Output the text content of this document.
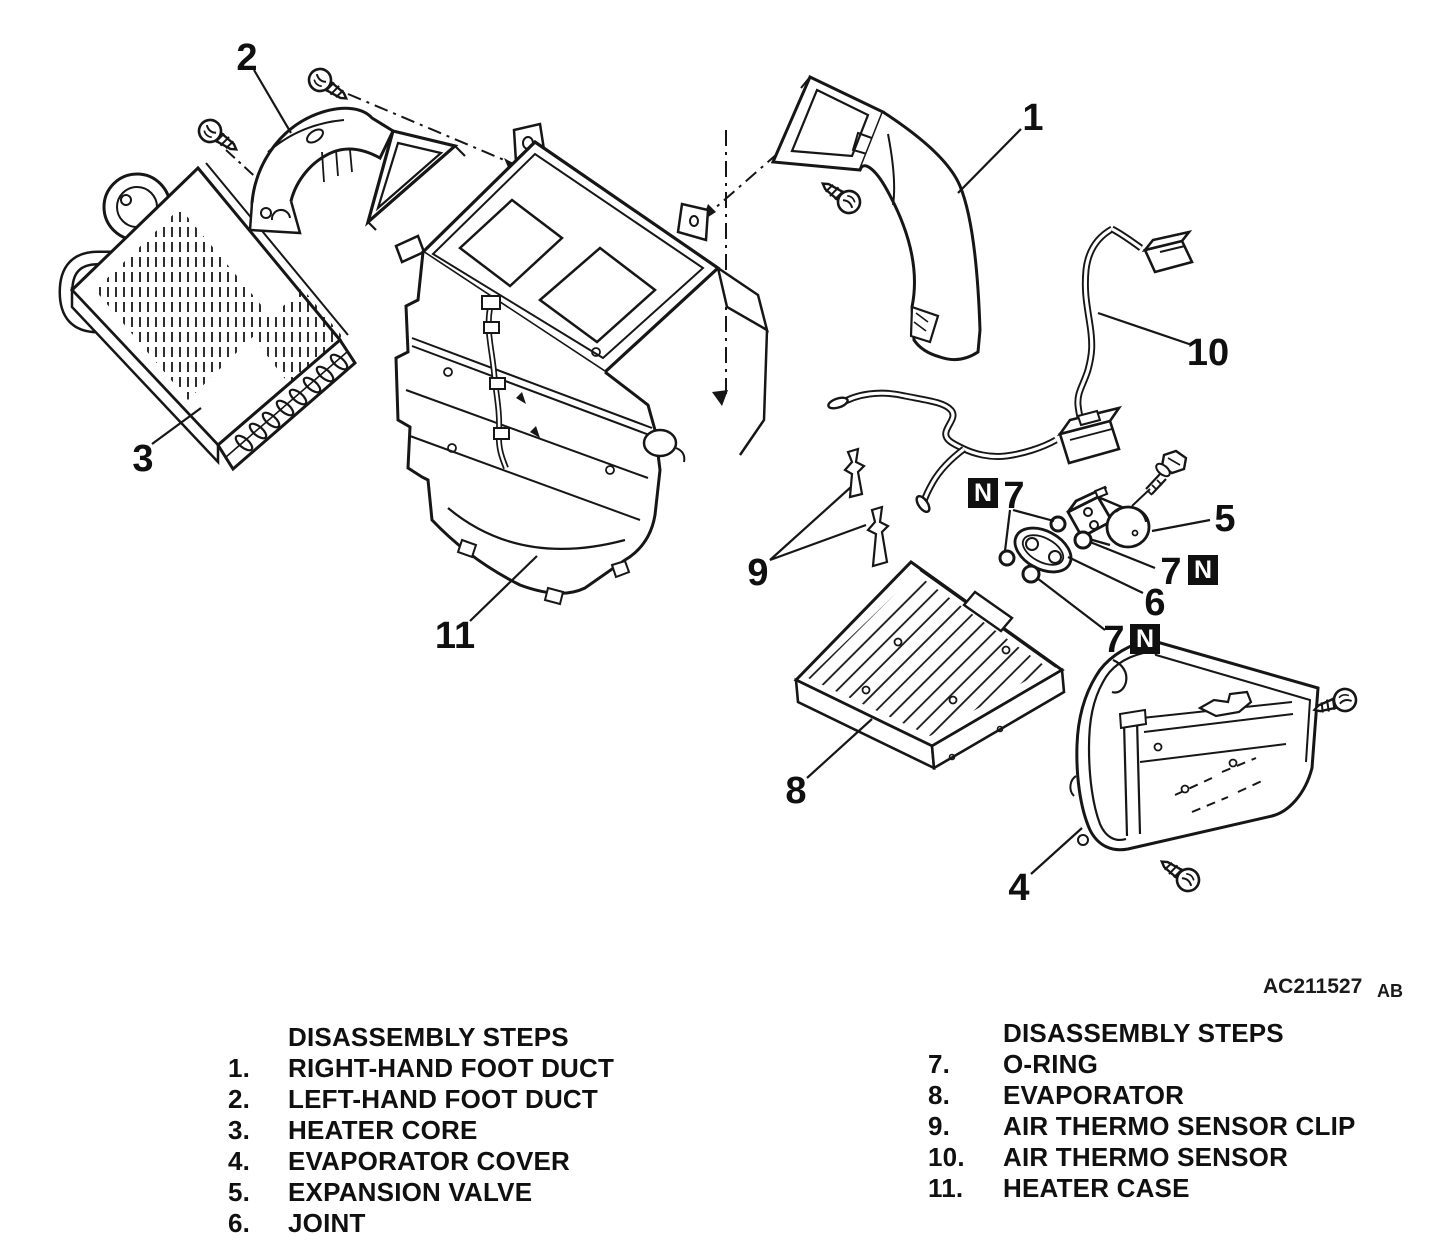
1
2
3
4
5
6
8
9
10
11
7
7
7
N
N
N
AC211527 AB
DISASSEMBLY STEPS
1.	RIGHT-HAND FOOT DUCT
2.	LEFT-HAND FOOT DUCT
3.	HEATER CORE
4.	EVAPORATOR COVER
5.	EXPANSION VALVE
6.	JOINT
DISASSEMBLY STEPS
7.	O-RING
8.	EVAPORATOR
9.	AIR THERMO SENSOR CLIP
10.	AIR THERMO SENSOR
11.	HEATER CASE
